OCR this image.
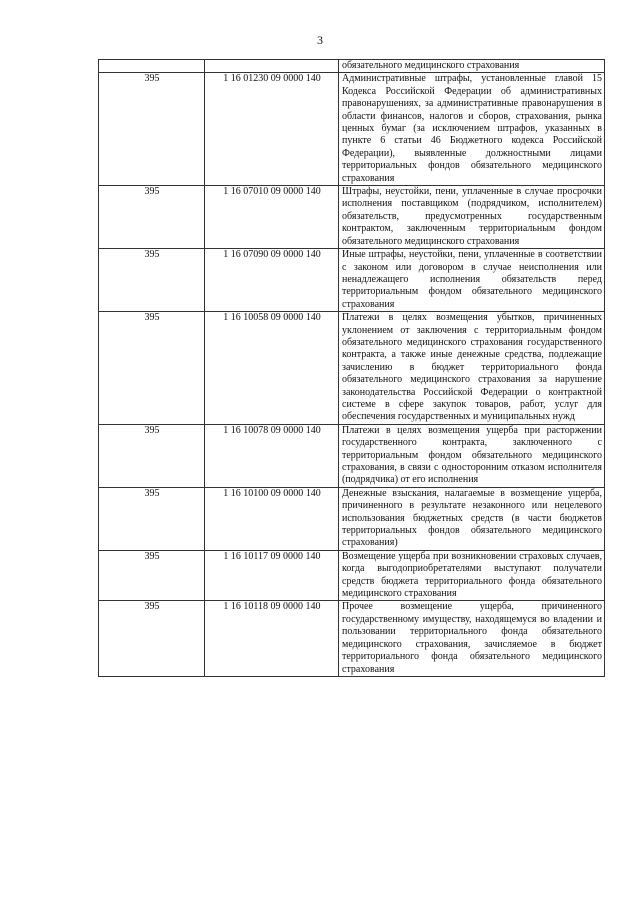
3
		обязательного медицинского страхования
395	1 16 01230 09 0000 140	Административные штрафы, установленные главой 15 Кодекса Российской Федерации об административных правонарушениях, за административные правонарушения в области финансов, налогов и сборов, страхования, рынка ценных бумаг (за исключением штрафов, указанных в пункте 6 статьи 46 Бюджетного кодекса Российской Федерации), выявленные должностными лицами территориальных фондов обязательного медицинского страхования
395	1 16 07010 09 0000 140	Штрафы, неустойки, пени, уплаченные в случае просрочки исполнения поставщиком (подрядчиком, исполнителем) обязательств, предусмотренных государственным контрактом, заключенным территориальным фондом обязательного медицинского страхования
395	1 16 07090 09 0000 140	Иные штрафы, неустойки, пени, уплаченные в соответствии с законом или договором в случае неисполнения или ненадлежащего исполнения обязательств перед территориальным фондом обязательного медицинского страхования
395	1 16 10058 09 0000 140	Платежи в целях возмещения убытков, причиненных уклонением от заключения с территориальным фондом обязательного медицинского страхования государственного контракта, а также иные денежные средства, подлежащие зачислению в бюджет территориального фонда обязательного медицинского страхования за нарушение законодательства Российской Федерации о контрактной системе в сфере закупок товаров, работ, услуг для обеспечения государственных и муниципальных нужд
395	1 16 10078 09 0000 140	Платежи в целях возмещения ущерба при расторжении государственного контракта, заключенного с территориальным фондом обязательного медицинского страхования, в связи с односторонним отказом исполнителя (подрядчика) от его исполнения
395	1 16 10100 09 0000 140	Денежные взыскания, налагаемые в возмещение ущерба, причиненного в результате незаконного или нецелевого использования бюджетных средств (в части бюджетов территориальных фондов обязательного медицинского страхования)
395	1 16 10117 09 0000 140	Возмещение ущерба при возникновении страховых случаев, когда выгодоприобретателями выступают получатели средств бюджета территориального фонда обязательного медицинского страхования
395	1 16 10118 09 0000 140	Прочее возмещение ущерба, причиненного государственному имуществу, находящемуся во владении и пользовании территориального фонда обязательного медицинского страхования, зачисляемое в бюджет территориального фонда обязательного медицинского страхования
